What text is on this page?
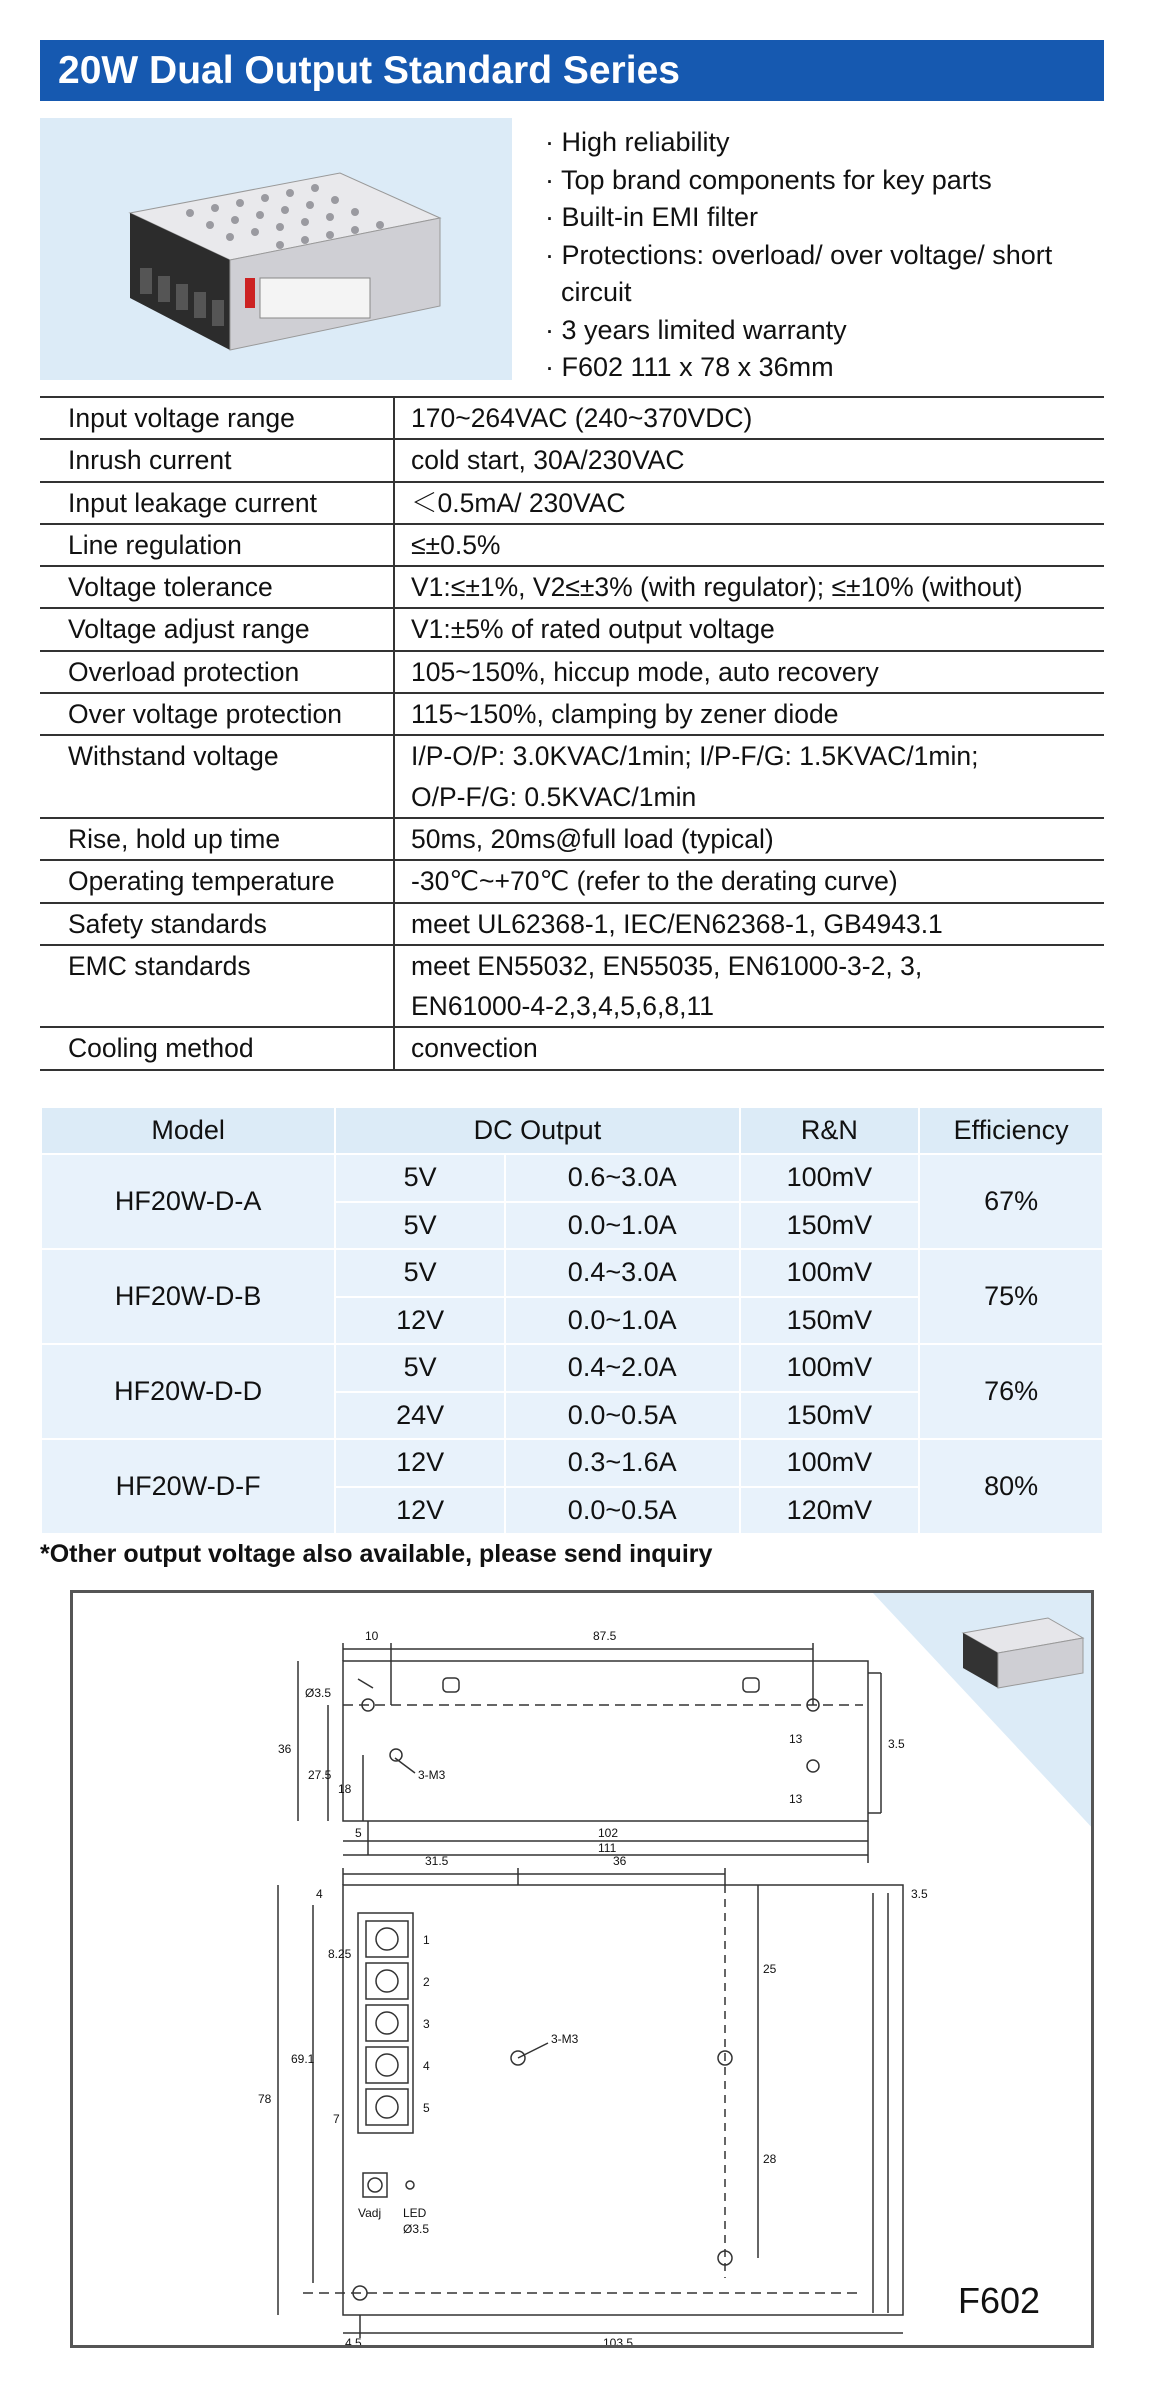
20W Dual Output Standard Series
· High reliability
· Top brand components for key parts
· Built-in EMI filter
· Protections: overload/ over voltage/ short circuit
· 3 years limited warranty
· F602 111 x 78 x 36mm
Input voltage range	170~264VAC (240~370VDC)
Inrush current	cold start, 30A/230VAC
Input leakage current	＜0.5mA/ 230VAC
Line regulation	≤±0.5%
Voltage tolerance	V1:≤±1%, V2≤±3% (with regulator); ≤±10% (without)
Voltage adjust range	V1:±5% of rated output voltage
Overload protection	105~150%, hiccup mode, auto recovery
Over voltage protection	115~150%, clamping by zener diode
Withstand voltage	I/P-O/P: 3.0KVAC/1min; I/P-F/G: 1.5KVAC/1min;
O/P-F/G: 0.5KVAC/1min
Rise, hold up time	50ms, 20ms@full load (typical)
Operating temperature	-30℃~+70℃ (refer to the derating curve)
Safety standards	meet UL62368-1, IEC/EN62368-1, GB4943.1
EMC standards	meet EN55032, EN55035, EN61000-3-2, 3,
EN61000-4-2,3,4,5,6,8,11
Cooling method	convection
Model	DC Output		R&N	Efficiency
HF20W-D-A	5V	0.6~3.0A	100mV	67%
	5V	0.0~1.0A	150mV	
HF20W-D-B	5V	0.4~3.0A	100mV	75%
	12V	0.0~1.0A	150mV	
HF20W-D-D	5V	0.4~2.0A	100mV	76%
	24V	0.0~0.5A	150mV	
HF20W-D-F	12V	0.3~1.6A	100mV	80%
	12V	0.0~0.5A	120mV	
*Other output voltage also available, please send inquiry
10	87.5
Ø3.5
36
27.5
18
3-M3
13
13
3.5
5	102
111
31.5	36
4	3.5
8.25
25
3-M3
78
69.1
28
7
Vadj LED
Ø3.5
4.5	103.5
1
2
3
4
5
F602
